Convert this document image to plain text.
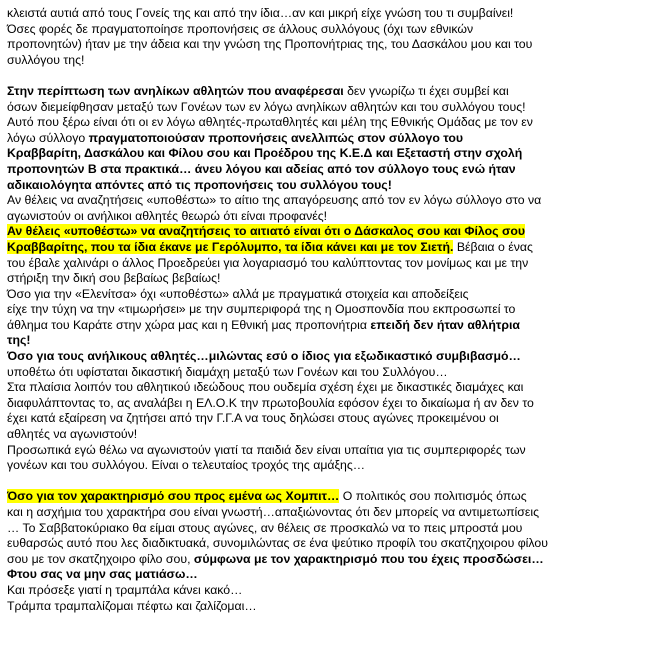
κλειστά αυτιά από τους Γονείς της και από την ίδια…αν και μικρή είχε γνώση του τι συμβαίνει!
Όσες φορές δε πραγματοποίησε προπονήσεις σε άλλους συλλόγους (όχι των εθνικών
προπονητών) ήταν με την άδεια και την γνώση της Προπονήτριας της, του Δασκάλου μου και του
συλλόγου της!
Στην περίπτωση των ανηλίκων αθλητών που αναφέρεσαι δεν γνωρίζω τι έχει συμβεί και
όσων διεμείφθησαν μεταξύ των Γονέων των εν λόγω ανηλίκων αθλητών και του συλλόγου τους!
Αυτό που ξέρω είναι ότι οι εν λόγω αθλητές-πρωταθλητές και μέλη της Εθνικής Ομάδας με τον εν
λόγω σύλλογο πραγματοποιούσαν προπονήσεις ανελλιπώς στον σύλλογο του
Κραββαρίτη, Δασκάλου και Φίλου σου και Προέδρου της Κ.Ε.Δ και Εξεταστή στην σχολή
προπονητών Β στα πρακτικά… άνευ λόγου και αδείας από τον σύλλογο τους ενώ ήταν
αδικαιολόγητα απόντες από τις προπονήσεις του συλλόγου τους!
Αν θέλεις να αναζητήσεις «υποθέστω» το αίτιο της απαγόρευσης από τον εν λόγω σύλλογο στο να
αγωνιστούν οι ανήλικοι αθλητές θεωρώ ότι είναι προφανές!
Αν θέλεις «υποθέστω» να αναζητήσεις το αιτιατό είναι ότι ο Δάσκαλος σου και Φίλος σου
Κραββαρίτης, που τα ίδια έκανε με Γερόλυμπο, τα ίδια κάνει και με τον Σιετή. Βέβαια ο ένας
του έβαλε χαλινάρι ο άλλος Προεδρεύει για λογαριασμό του καλύπτοντας τον μονίμως και με την
στήριξη την δική σου βεβαίως βεβαίως!
Όσο για την «Ελενίτσα» όχι «υποθέστω» αλλά με πραγματικά στοιχεία και αποδείξεις
είχε την τύχη να την «τιμωρήσει» με την συμπεριφορά της η Ομοσπονδία που εκπροσωπεί το
άθλημα του Καράτε στην χώρα μας και η Εθνική μας προπονήτρια επειδή δεν ήταν αθλήτρια
της!
Όσο για τους ανήλικους αθλητές…μιλώντας εσύ ο ίδιος για εξωδικαστικό συμβιβασμό…
υποθέτω ότι υφίσταται δικαστική διαμάχη μεταξύ των Γονέων και του Συλλόγου…
Στα πλαίσια λοιπόν του αθλητικού ιδεώδους που ουδεμία σχέση έχει με δικαστικές διαμάχες και
διαφυλάπτοντας το, ας αναλάβει η ΕΛ.Ο.Κ την πρωτοβουλία εφόσον έχει το δικαίωμα ή αν δεν το
έχει κατά εξαίρεση να ζητήσει από την Γ.Γ.Α να τους δηλώσει στους αγώνες προκειμένου οι
αθλητές να αγωνιστούν!
Προσωπικά εγώ θέλω να αγωνιστούν γιατί τα παιδιά δεν είναι υπαίτια για τις συμπεριφορές των
γονέων και του συλλόγου. Είναι ο τελευταίος τροχός της αμάξης…
Όσο για τον χαρακτηρισμό σου προς εμένα ως Χομπιτ… Ο πολιτικός σου πολιτισμός όπως
και η ασχήμια του χαρακτήρα σου είναι γνωστή…απαξιώνοντας ότι δεν μπορείς να αντιμετωπίσεις
… Το Σαββατοκύριακο θα είμαι στους αγώνες, αν θέλεις σε προσκαλώ να το πεις μπροστά μου
ευθαρσώς αυτό που λες διαδικτυακά, συνομιλώντας σε ένα ψεύτικο προφίλ του σκατζηχοιρου φίλου
σου με τον σκατζηχοιρο φίλο σου, σύμφωνα με τον χαρακτηρισμό που του έχεις προσδώσει…
Φτου σας να μην σας ματιάσω…
Και πρόσεξε γιατί η τραμπάλα κάνει κακό…
Τράμπα τραμπαλίζομαι πέφτω και ζαλίζομαι…
